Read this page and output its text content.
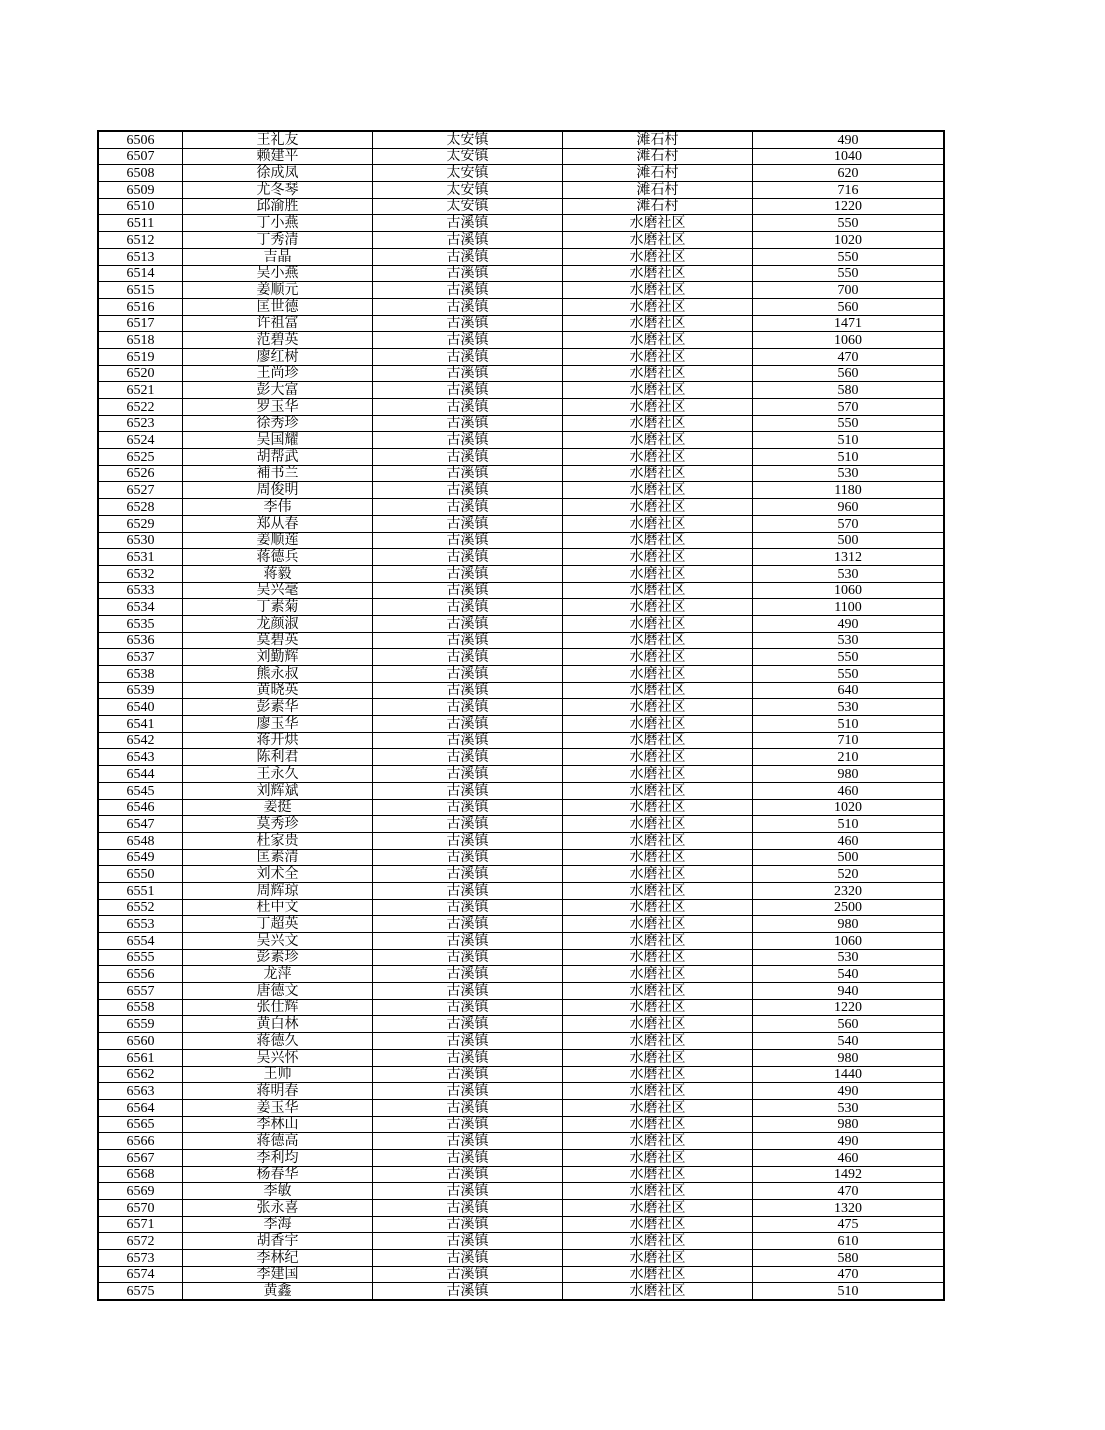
6506	王礼友	太安镇	滩石村	490
6507	赖建平	太安镇	滩石村	1040
6508	徐成凤	太安镇	滩石村	620
6509	尤冬琴	太安镇	滩石村	716
6510	邱渝胜	太安镇	滩石村	1220
6511	丁小燕	古溪镇	水磨社区	550
6512	丁秀清	古溪镇	水磨社区	1020
6513	吉晶	古溪镇	水磨社区	550
6514	吴小燕	古溪镇	水磨社区	550
6515	姜顺元	古溪镇	水磨社区	700
6516	匡世德	古溪镇	水磨社区	560
6517	许祖富	古溪镇	水磨社区	1471
6518	范碧英	古溪镇	水磨社区	1060
6519	廖红树	古溪镇	水磨社区	470
6520	王尚珍	古溪镇	水磨社区	560
6521	彭大富	古溪镇	水磨社区	580
6522	罗玉华	古溪镇	水磨社区	570
6523	徐秀珍	古溪镇	水磨社区	550
6524	吴国耀	古溪镇	水磨社区	510
6525	胡帮武	古溪镇	水磨社区	510
6526	補书兰	古溪镇	水磨社区	530
6527	周俊明	古溪镇	水磨社区	1180
6528	李伟	古溪镇	水磨社区	960
6529	郑从春	古溪镇	水磨社区	570
6530	姜顺莲	古溪镇	水磨社区	500
6531	蒋德兵	古溪镇	水磨社区	1312
6532	蒋毅	古溪镇	水磨社区	530
6533	吴兴毫	古溪镇	水磨社区	1060
6534	丁素菊	古溪镇	水磨社区	1100
6535	龙颜淑	古溪镇	水磨社区	490
6536	莫碧英	古溪镇	水磨社区	530
6537	刘勤辉	古溪镇	水磨社区	550
6538	熊永叔	古溪镇	水磨社区	550
6539	黄晓英	古溪镇	水磨社区	640
6540	彭素华	古溪镇	水磨社区	530
6541	廖玉华	古溪镇	水磨社区	510
6542	蒋开烘	古溪镇	水磨社区	710
6543	陈利君	古溪镇	水磨社区	210
6544	王永久	古溪镇	水磨社区	980
6545	刘辉斌	古溪镇	水磨社区	460
6546	姜挺	古溪镇	水磨社区	1020
6547	莫秀珍	古溪镇	水磨社区	510
6548	杜家贵	古溪镇	水磨社区	460
6549	匡素清	古溪镇	水磨社区	500
6550	刘术全	古溪镇	水磨社区	520
6551	周辉琼	古溪镇	水磨社区	2320
6552	杜中文	古溪镇	水磨社区	2500
6553	丁超英	古溪镇	水磨社区	980
6554	吴兴文	古溪镇	水磨社区	1060
6555	彭素珍	古溪镇	水磨社区	530
6556	龙萍	古溪镇	水磨社区	540
6557	唐德文	古溪镇	水磨社区	940
6558	张仕辉	古溪镇	水磨社区	1220
6559	黄白林	古溪镇	水磨社区	560
6560	蒋德久	古溪镇	水磨社区	540
6561	吴兴怀	古溪镇	水磨社区	980
6562	王帅	古溪镇	水磨社区	1440
6563	蒋明春	古溪镇	水磨社区	490
6564	姜玉华	古溪镇	水磨社区	530
6565	李林山	古溪镇	水磨社区	980
6566	蒋德高	古溪镇	水磨社区	490
6567	李利均	古溪镇	水磨社区	460
6568	杨春华	古溪镇	水磨社区	1492
6569	李敏	古溪镇	水磨社区	470
6570	张永喜	古溪镇	水磨社区	1320
6571	李海	古溪镇	水磨社区	475
6572	胡香宇	古溪镇	水磨社区	610
6573	李林纪	古溪镇	水磨社区	580
6574	李建国	古溪镇	水磨社区	470
6575	黄鑫	古溪镇	水磨社区	510
